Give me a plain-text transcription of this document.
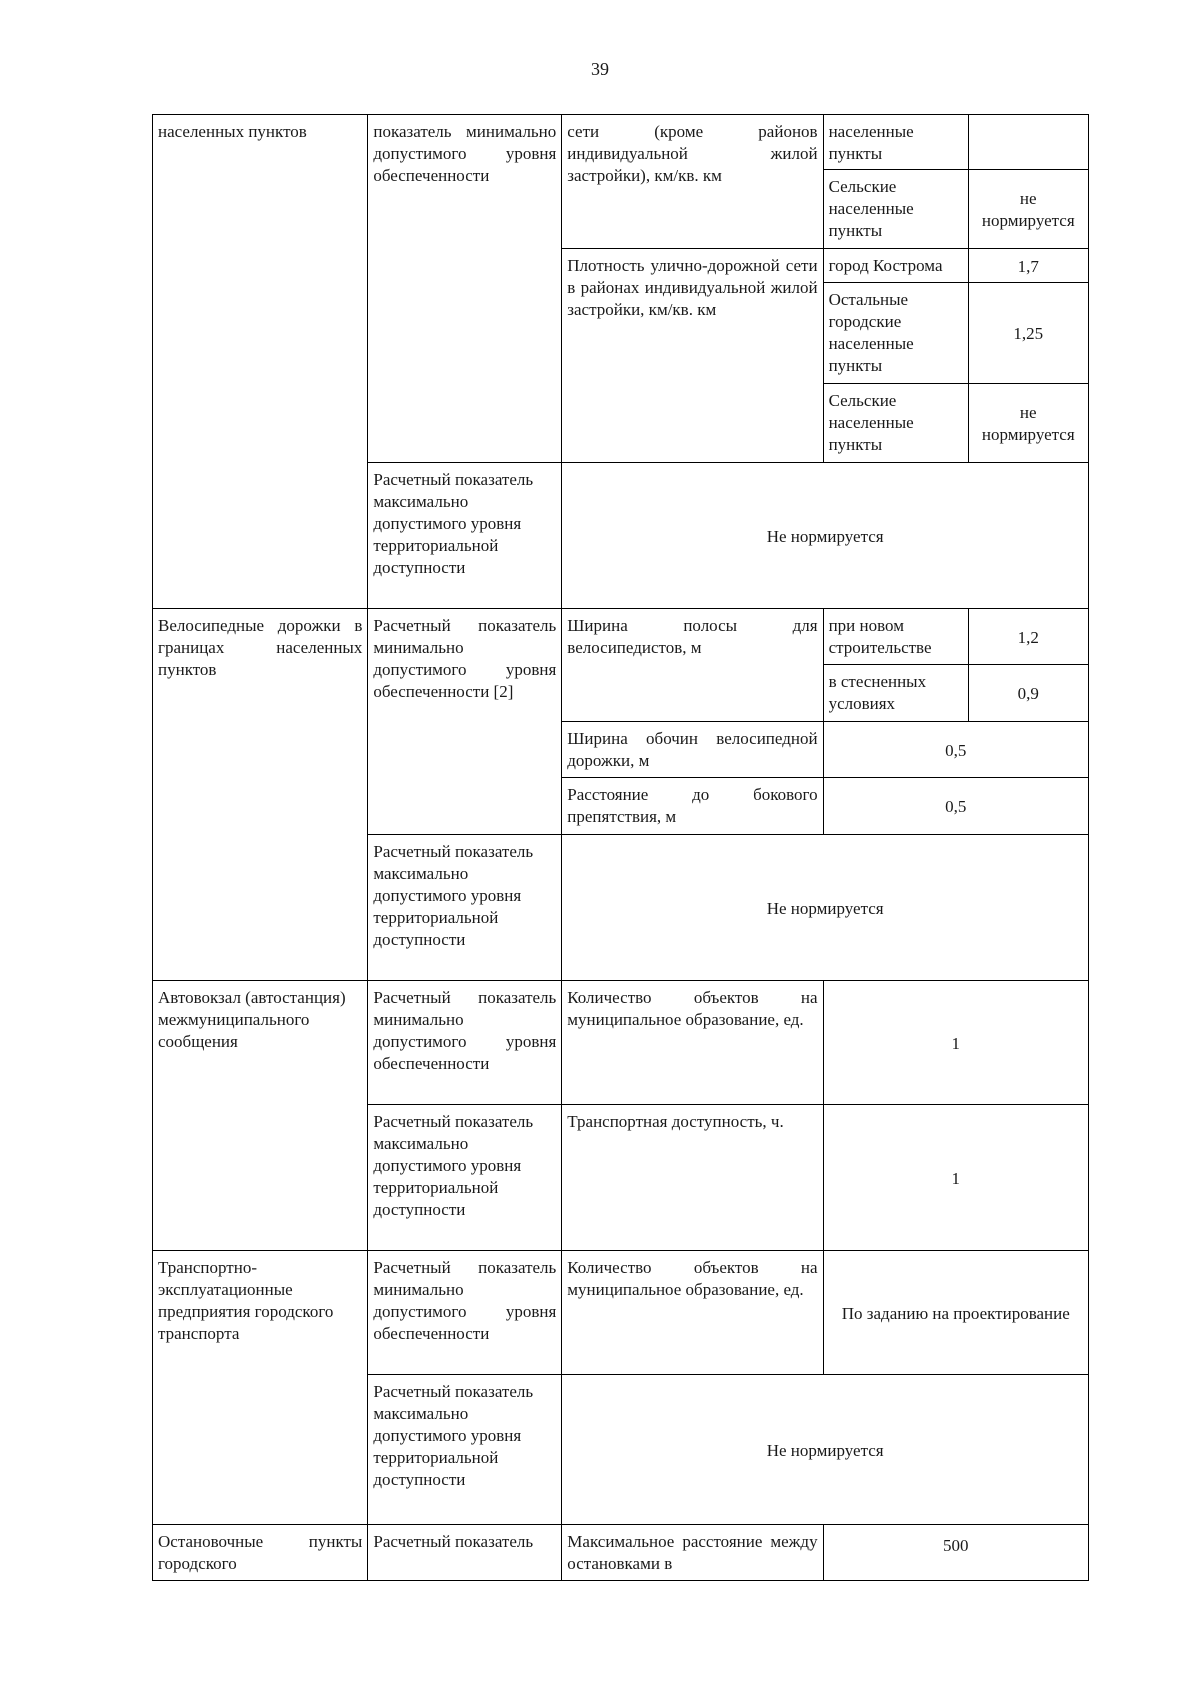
39
населенных пунктов	показатель минимально допустимого уровня обеспеченности	сети (кроме районов индивидуальной жилой застройки), км/кв. км	населенные пункты	
			Сельские населенные пункты	не нормируется
		Плотность улично-дорожной сети в районах индивидуальной жилой застройки, км/кв. км	город Кострома	1,7
			Остальные городские населенные пункты	1,25
			Сельские населенные пункты	не нормируется
	Расчетный показатель максимально допустимого уровня территориальной доступности	Не нормируется		
Велосипедные дорожки в границах населенных пунктов	Расчетный показатель минимально допустимого уровня обеспеченности [2]	Ширина полосы для велосипедистов, м	при новом строительстве	1,2
			в стесненных условиях	0,9
		Ширина обочин велосипедной дорожки, м	0,5	
		Расстояние до бокового препятствия, м	0,5	
	Расчетный показатель максимально допустимого уровня территориальной доступности	Не нормируется		
Автовокзал (автостанция) межмуниципального сообщения	Расчетный показатель минимально допустимого уровня обеспеченности	Количество объектов на муниципальное образование, ед.	1	
	Расчетный показатель максимально допустимого уровня территориальной доступности	Транспортная доступность, ч.	1	
Транспортно-эксплуатационные предприятия городского транспорта	Расчетный показатель минимально допустимого уровня обеспеченности	Количество объектов на муниципальное образование, ед.	По заданию на проектирование	
	Расчетный показатель максимально допустимого уровня территориальной доступности	Не нормируется		
Остановочные пункты городского	Расчетный показатель	Максимальное расстояние между остановками в	500	
